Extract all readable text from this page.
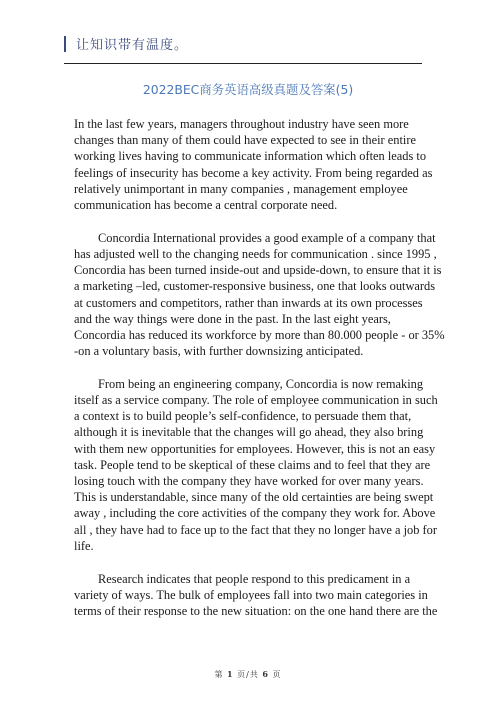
让知识带有温度。
2022BEC商务英语高级真题及答案(5)

In the last few years, managers throughout industry have seen more
changes than many of them could have expected to see in their entire
working lives having to communicate information which often leads to
feelings of insecurity has become a key activity. From being regarded as
relatively unimportant in many companies , management employee
communication has become a central corporate need.

Concordia International provides a good example of a company that
has adjusted well to the changing needs for communication . since 1995 ,
Concordia has been turned inside-out and upside-down, to ensure that it is
a marketing –led, customer-responsive business, one that looks outwards
at customers and competitors, rather than inwards at its own processes
and the way things were done in the past. In the last eight years,
Concordia has reduced its workforce by more than 80.000 people - or 35%
-on a voluntary basis, with further downsizing anticipated.

From being an engineering company, Concordia is now remaking
itself as a service company. The role of employee communication in such
a context is to build people’s self-confidence, to persuade them that,
although it is inevitable that the changes will go ahead, they also bring
with them new opportunities for employees. However, this is not an easy
task. People tend to be skeptical of these claims and to feel that they are
losing touch with the company they have worked for over many years.
This is understandable, since many of the old certainties are being swept
away , including the core activities of the company they work for. Above
all , they have had to face up to the fact that they no longer have a job for
life.

Research indicates that people respond to this predicament in a
variety of ways. The bulk of employees fall into two main categories in
terms of their response to the new situation: on the one hand there are the

第 1 页/共 6 页
